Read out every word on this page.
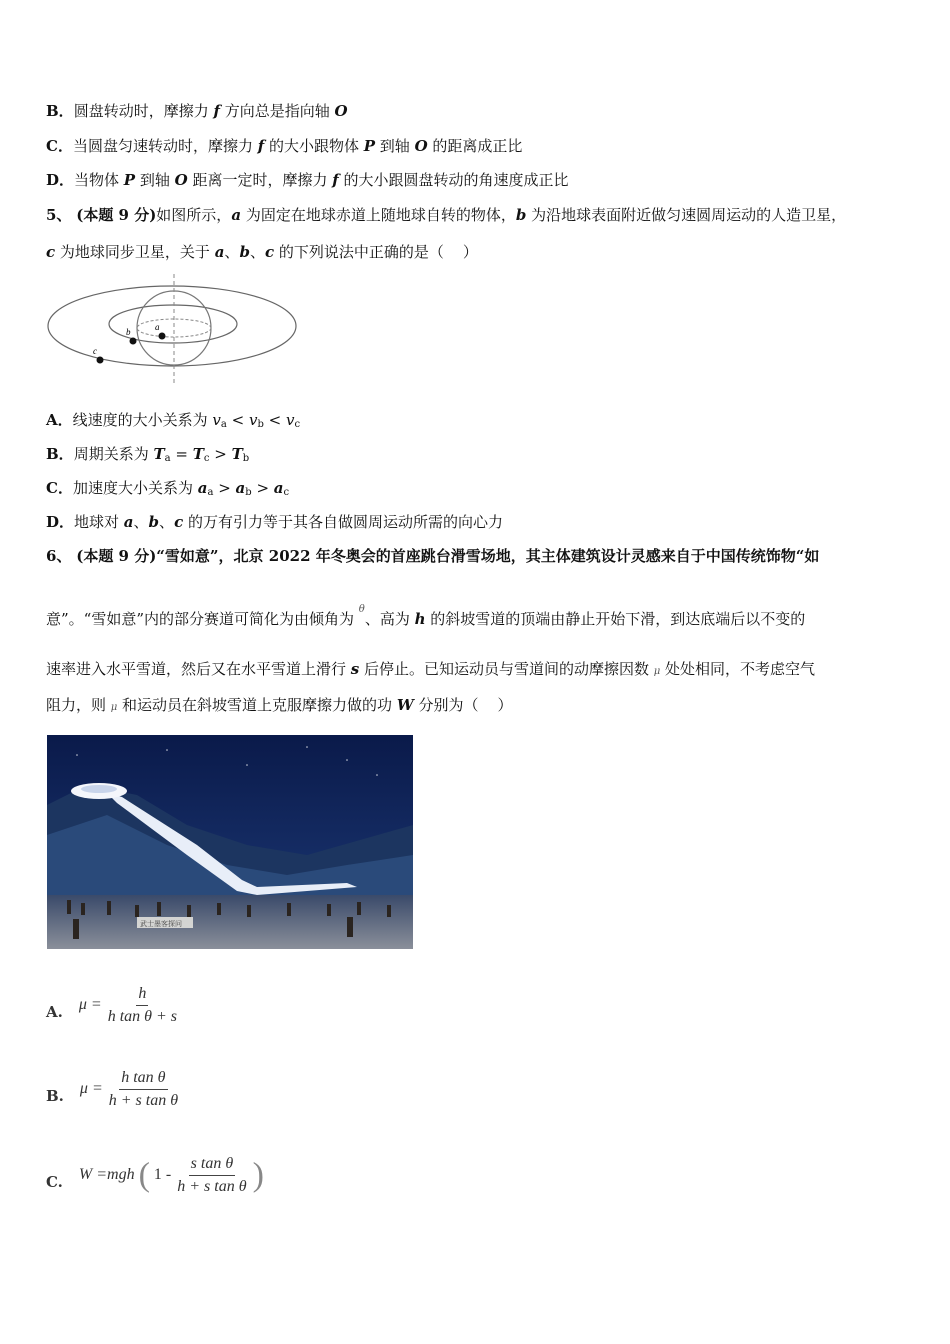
B．圆盘转动时，摩擦力 f 方向总是指向轴 O
C．当圆盘匀速转动时，摩擦力 f 的大小跟物体 P 到轴 O 的距离成正比
D．当物体 P 到轴 O 距离一定时，摩擦力 f 的大小跟圆盘转动的角速度成正比
5、 (本题 9 分)如图所示，a 为固定在地球赤道上随地球自转的物体，b 为沿地球表面附近做匀速圆周运动的人造卫星，
c 为地球同步卫星，关于 a、b、c 的下列说法中正确的是（    ）
a
b
c
A．线速度的大小关系为 $v_a < v_b < v_c$
B．周期关系为 $T_a = T_c > T_b$
C．加速度大小关系为 $a_a > a_b > a_c$
D．地球对 a、b、c 的万有引力等于其各自做圆周运动所需的向心力
6、 (本题 9 分)“雪如意”，北京 2022 年冬奥会的首座跳台滑雪场地，其主体建筑设计灵感来自于中国传统饰物“如
意”。“雪如意”内的部分赛道可简化为由倾角为 $^\theta$、高为 h 的斜坡雪道的顶端由静止开始下滑，到达底端后以不变的
速率进入水平雪道，然后又在水平雪道上滑行 s 后停止。已知运动员与雪道间的动摩擦因数 μ 处处相同，不考虑空气
阻力，则 μ 和运动员在斜坡雪道上克服摩擦力做的功 W 分别为（    ）
武士墨客探问
A. $\mu = \frac{h}{\text{h tan θ + s}}$
B. $\mu = \frac{\text{h tan θ}}{\text{h + s tan θ}}$
C. W =mgh ( $1 - \frac{\text{s tan θ}}{\text{h + s tan θ}}$ )
